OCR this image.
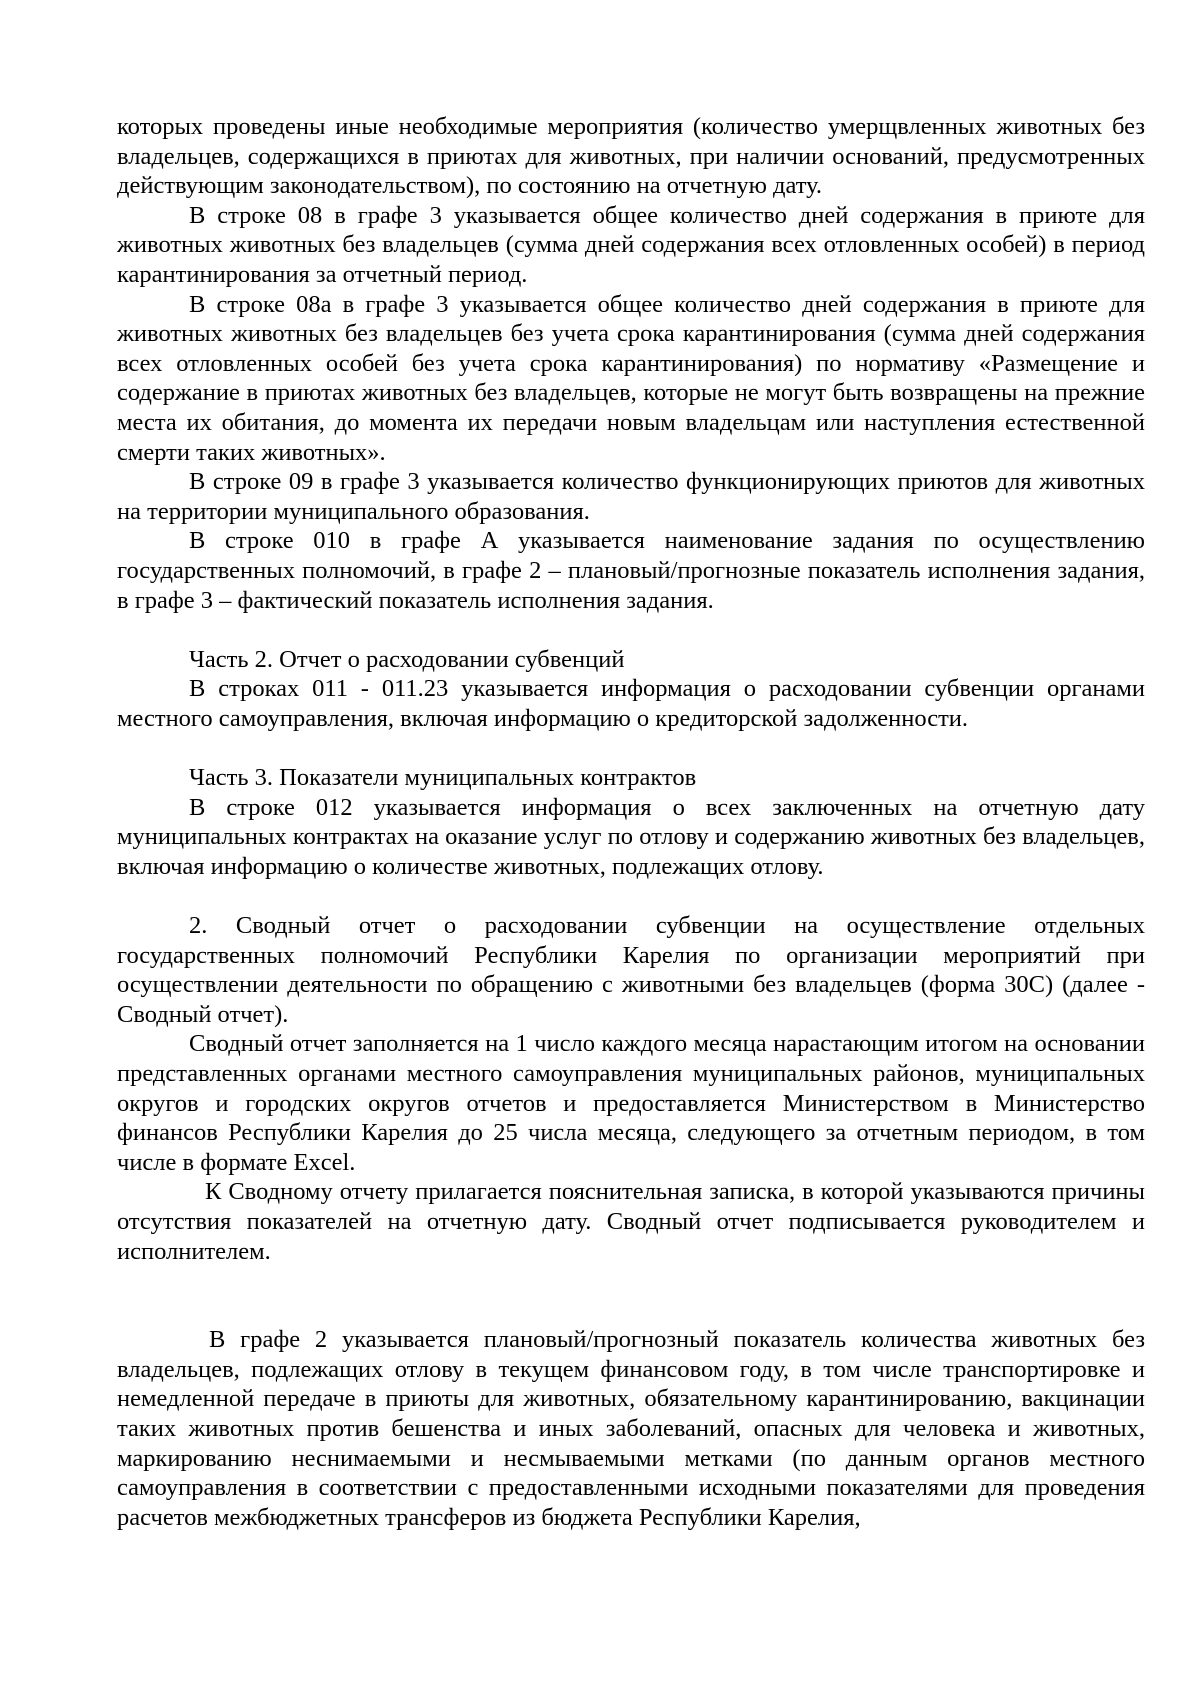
которых проведены иные необходимые мероприятия (количество умерщвленных животных без владельцев, содержащихся в приютах для животных, при наличии оснований, предусмотренных действующим законодательством), по состоянию на отчетную дату.

В строке 08 в графе 3 указывается общее количество дней содержания в приюте для животных животных без владельцев (сумма дней содержания всех отловленных особей) в период карантинирования за отчетный период.

В строке 08а в графе 3 указывается общее количество дней содержания в приюте для животных животных без владельцев без учета срока карантинирования (сумма дней содержания всех отловленных особей без учета срока карантинирования) по нормативу «Размещение и содержание в приютах животных без владельцев, которые не могут быть возвращены на прежние места их обитания, до момента их передачи новым владельцам или наступления естественной смерти таких животных».

В строке 09 в графе 3 указывается количество функционирующих приютов для животных на территории муниципального образования.

В строке 010 в графе А указывается наименование задания по осуществлению государственных полномочий, в графе 2 – плановый/прогнозные показатель исполнения задания, в графе 3 – фактический показатель исполнения задания.

Часть 2. Отчет о расходовании субвенций

В строках 011 - 011.23 указывается информация о расходовании субвенции органами местного самоуправления, включая информацию о кредиторской задолженности.

Часть 3. Показатели муниципальных контрактов

В строке 012 указывается информация о всех заключенных на отчетную дату муниципальных контрактах на оказание услуг по отлову и содержанию животных без владельцев, включая информацию о количестве животных, подлежащих отлову.

2. Сводный отчет о расходовании субвенции на осуществление отдельных государственных полномочий Республики Карелия по организации мероприятий при осуществлении деятельности по обращению с животными без владельцев (форма 30С) (далее - Сводный отчет).

Сводный отчет заполняется на 1 число каждого месяца нарастающим итогом на основании представленных органами местного самоуправления муниципальных районов, муниципальных округов и городских округов отчетов и предоставляется Министерством в Министерство финансов Республики Карелия до 25 числа месяца, следующего за отчетным периодом, в том числе в формате Excel.

К Сводному отчету прилагается пояснительная записка, в которой указываются причины отсутствия показателей на отчетную дату. Сводный отчет подписывается руководителем и исполнителем.

В графе 2 указывается плановый/прогнозный показатель количества животных без владельцев, подлежащих отлову в текущем финансовом году, в том числе транспортировке и немедленной передаче в приюты для животных, обязательному карантинированию, вакцинации таких животных против бешенства и иных заболеваний, опасных для человека и животных, маркированию неснимаемыми и несмываемыми метками (по данным органов местного самоуправления в соответствии с предоставленными исходными показателями для проведения расчетов межбюджетных трансферов из бюджета Республики Карелия,
